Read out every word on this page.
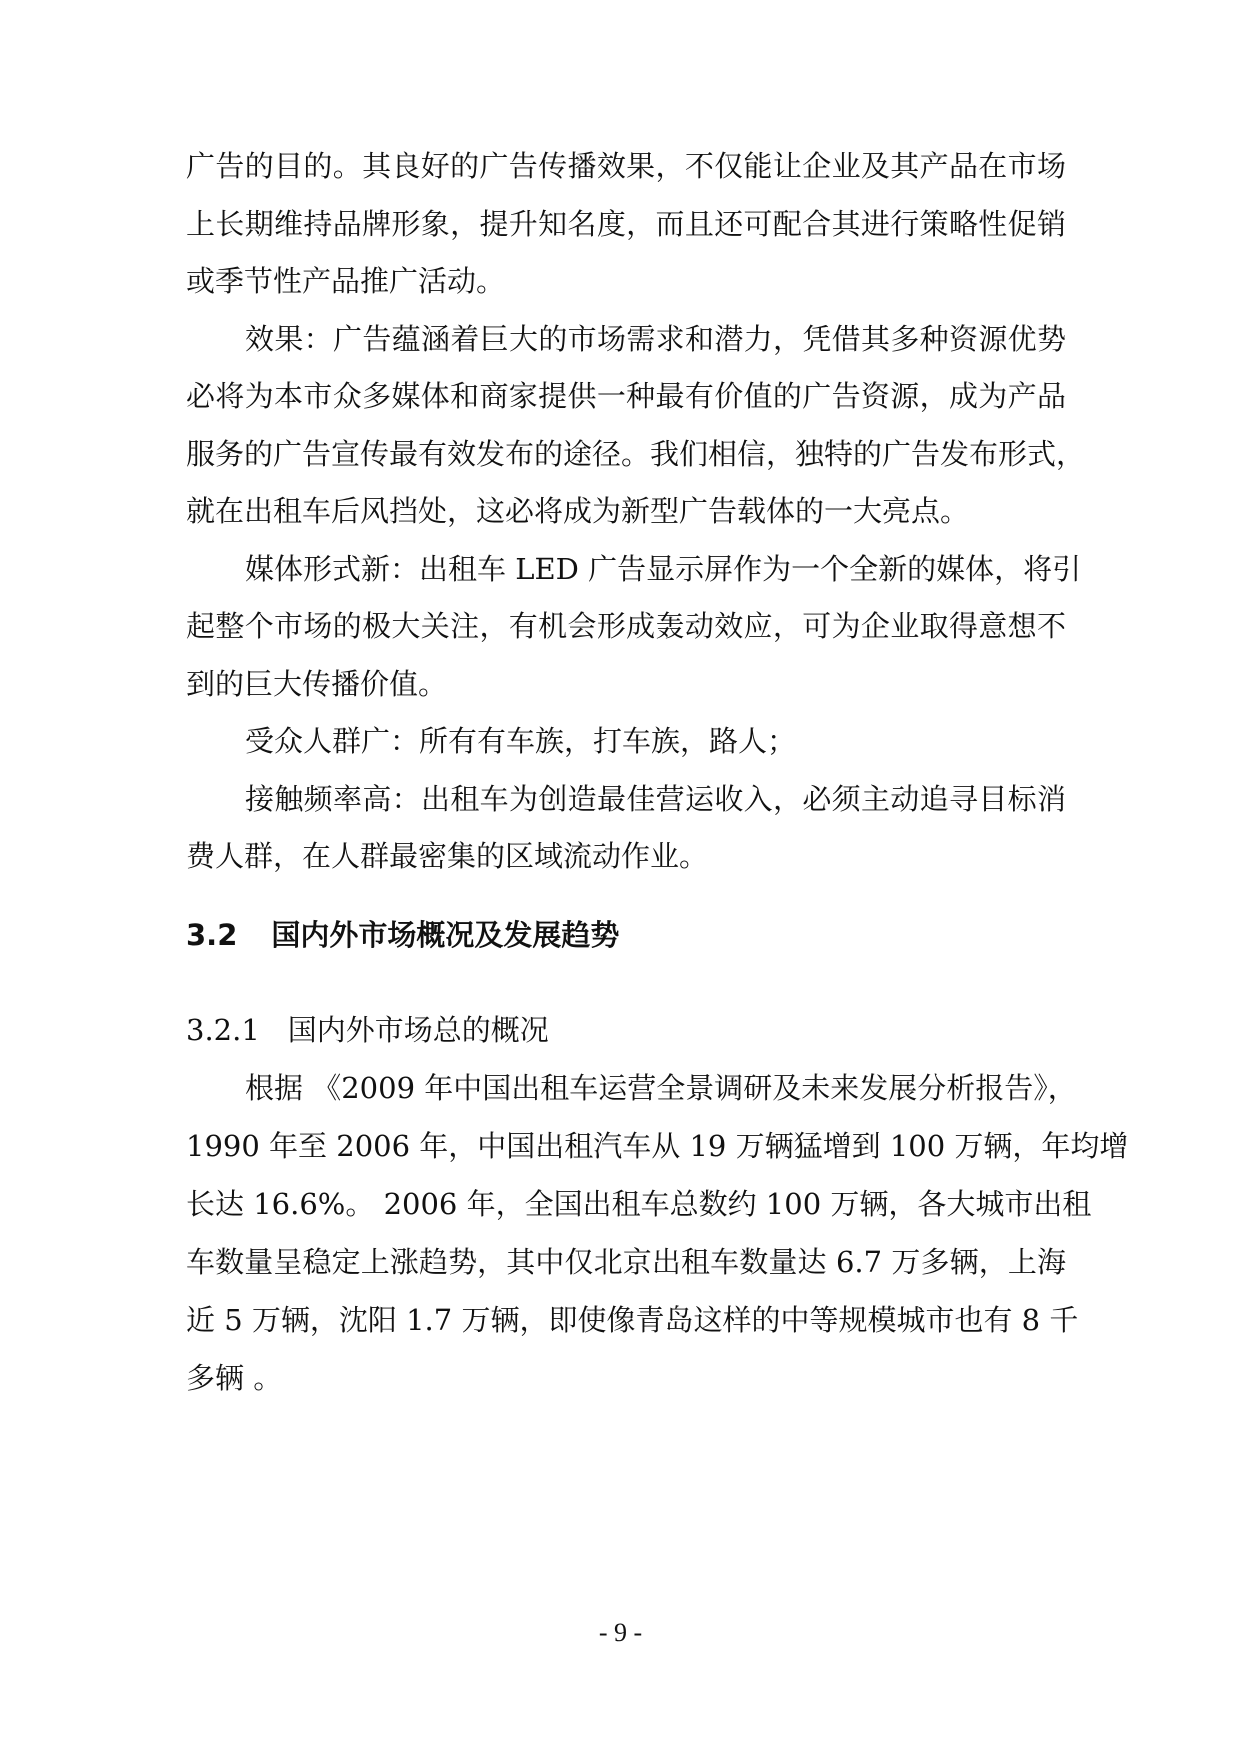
广告的目的。其良好的广告传播效果，不仅能让企业及其产品在市场
上长期维持品牌形象，提升知名度，而且还可配合其进行策略性促销
或季节性产品推广活动。
效果：广告蕴涵着巨大的市场需求和潜力，凭借其多种资源优势
必将为本市众多媒体和商家提供一种最有价值的广告资源，成为产品
服务的广告宣传最有效发布的途径。我们相信，独特的广告发布形式，
就在出租车后风挡处，这必将成为新型广告载体的一大亮点。
媒体形式新：出租车 LED 广告显示屏作为一个全新的媒体，将引
起整个市场的极大关注，有机会形成轰动效应，可为企业取得意想不
到的巨大传播价值。
受众人群广：所有有车族，打车族，路人；
接触频率高：出租车为创造最佳营运收入，必须主动追寻目标消
费人群，在人群最密集的区域流动作业。
3.2 国内外市场概况及发展趋势
3.2.1 国内外市场总的概况
根据 《2009 年中国出租车运营全景调研及未来发展分析报告》，
1990 年至 2006 年，中国出租汽车从 19 万辆猛增到 100 万辆，年均增
长达 16.6%。 2006 年，全国出租车总数约 100 万辆，各大城市出租
车数量呈稳定上涨趋势，其中仅北京出租车数量达 6.7 万多辆，上海
近 5 万辆，沈阳 1.7 万辆，即使像青岛这样的中等规模城市也有 8 千
多辆 。
- 9 -
